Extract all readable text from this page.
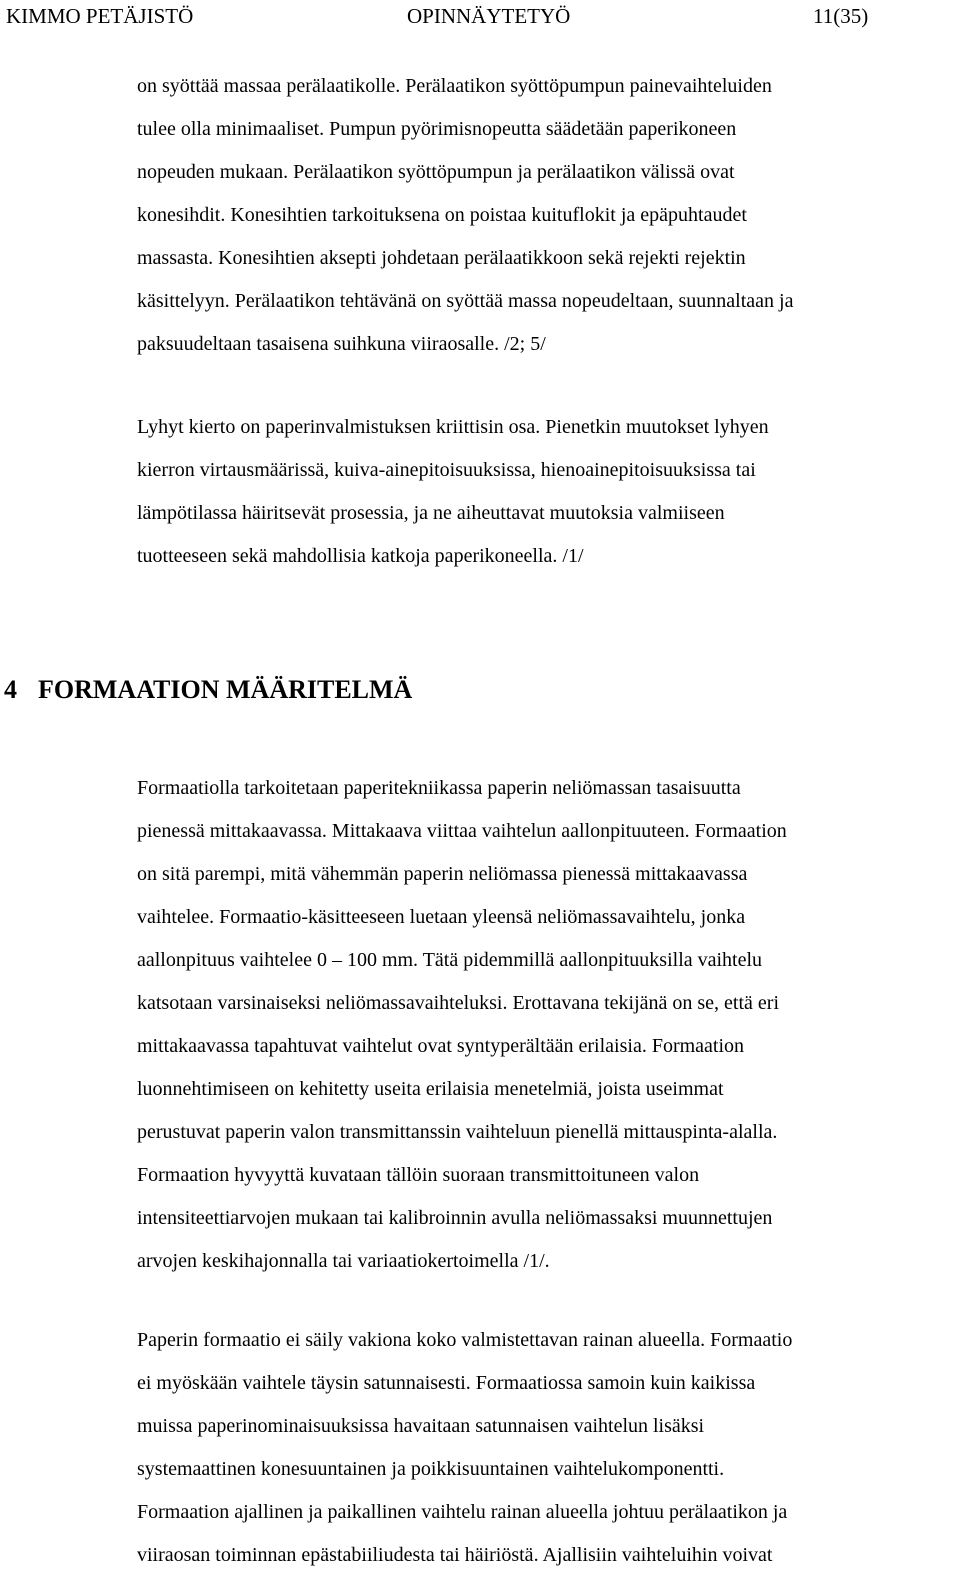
KIMMO PETÄJISTÖ	OPINNÄYTETYÖ	11(35)
on syöttää massaa perälaatikolle. Perälaatikon syöttöpumpun painevaihteluiden
tulee olla minimaaliset. Pumpun pyörimisnopeutta säädetään paperikoneen
nopeuden mukaan. Perälaatikon syöttöpumpun ja perälaatikon välissä ovat
konesihdit. Konesihtien tarkoituksena on poistaa kuituflokit ja epäpuhtaudet
massasta. Konesihtien aksepti johdetaan perälaatikkoon sekä rejekti rejektin
käsittelyyn. Perälaatikon tehtävänä on syöttää massa nopeudeltaan, suunnaltaan ja
paksuudeltaan tasaisena suihkuna viiraosalle. /2; 5/
Lyhyt kierto on paperinvalmistuksen kriittisin osa. Pienetkin muutokset lyhyen
kierron virtausmäärissä, kuiva-ainepitoisuuksissa, hienoainepitoisuuksissa tai
lämpötilassa häiritsevät prosessia, ja ne aiheuttavat muutoksia valmiiseen
tuotteeseen sekä mahdollisia katkoja paperikoneella. /1/
4 FORMAATION MÄÄRITELMÄ
Formaatiolla tarkoitetaan paperitekniikassa paperin neliömassan tasaisuutta
pienessä mittakaavassa. Mittakaava viittaa vaihtelun aallonpituuteen. Formaation
on sitä parempi, mitä vähemmän paperin neliömassa pienessä mittakaavassa
vaihtelee. Formaatio-käsitteeseen luetaan yleensä neliömassavaihtelu, jonka
aallonpituus vaihtelee 0 – 100 mm. Tätä pidemmillä aallonpituuksilla vaihtelu
katsotaan varsinaiseksi neliömassavaihteluksi. Erottavana tekijänä on se, että eri
mittakaavassa tapahtuvat vaihtelut ovat syntyperältään erilaisia. Formaation
luonnehtimiseen on kehitetty useita erilaisia menetelmiä, joista useimmat
perustuvat paperin valon transmittanssin vaihteluun pienellä mittauspinta-alalla.
Formaation hyvyyttä kuvataan tällöin suoraan transmittoituneen valon
intensiteettiarvojen mukaan tai kalibroinnin avulla neliömassaksi muunnettujen
arvojen keskihajonnalla tai variaatiokertoimella /1/.
Paperin formaatio ei säily vakiona koko valmistettavan rainan alueella. Formaatio
ei myöskään vaihtele täysin satunnaisesti. Formaatiossa samoin kuin kaikissa
muissa paperinominaisuuksissa havaitaan satunnaisen vaihtelun lisäksi
systemaattinen konesuuntainen ja poikkisuuntainen vaihtelukomponentti.
Formaation ajallinen ja paikallinen vaihtelu rainan alueella johtuu perälaatikon ja
viiraosan toiminnan epästabiiliudesta tai häiriöstä. Ajallisiin vaihteluihin voivat
